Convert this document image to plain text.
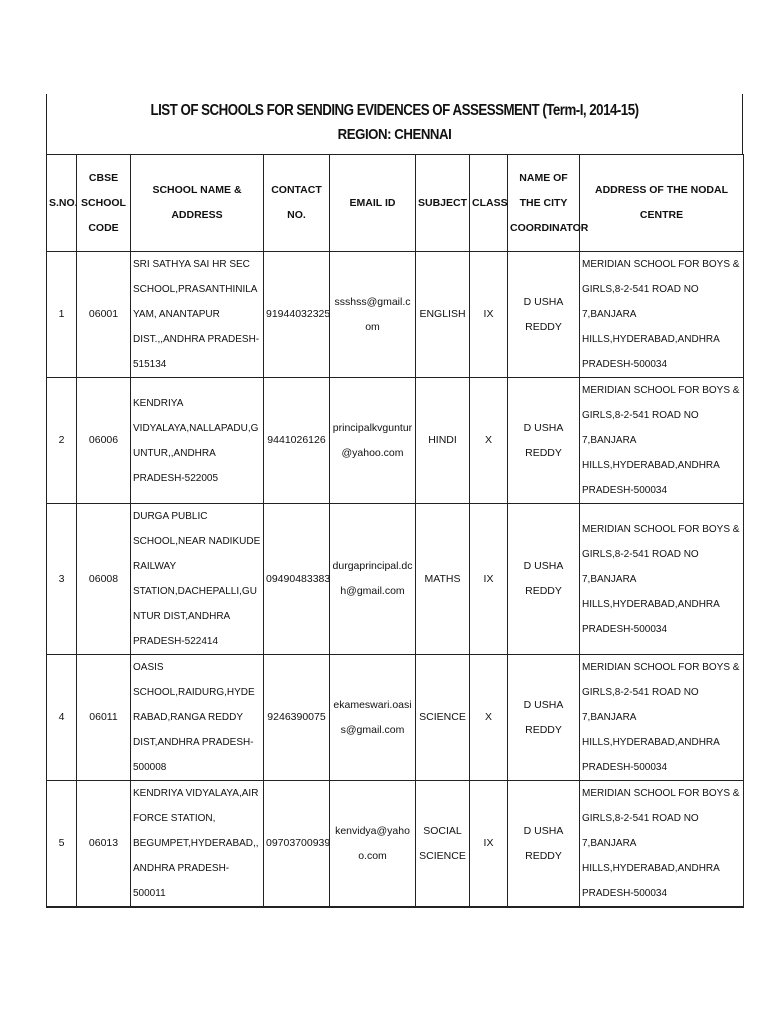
LIST OF SCHOOLS FOR SENDING EVIDENCES OF ASSESSMENT (Term-I, 2014-15)
REGION: CHENNAI
S.NO.	CBSE SCHOOL CODE	SCHOOL NAME & ADDRESS	CONTACT NO.	EMAIL ID	SUBJECT	CLASS	NAME OF THE CITY COORDINATOR	ADDRESS OF THE NODAL CENTRE
1	06001	SRI SATHYA SAI HR SEC SCHOOL,PRASANTHINILAYAM, ANANTAPUR DIST.,,ANDHRA PRADESH-515134	91944032325	ssshss@gmail.com	ENGLISH	IX	D USHA REDDY	MERIDIAN SCHOOL FOR BOYS & GIRLS,8-2-541 ROAD NO 7,BANJARA HILLS,HYDERABAD,ANDHRA PRADESH-500034
2	06006	KENDRIYA VIDYALAYA,NALLAPADU,GUNTUR,,ANDHRA PRADESH-522005	9441026126	principalkvguntur@yahoo.com	HINDI	X	D USHA REDDY	MERIDIAN SCHOOL FOR BOYS & GIRLS,8-2-541 ROAD NO 7,BANJARA HILLS,HYDERABAD,ANDHRA PRADESH-500034
3	06008	DURGA PUBLIC SCHOOL,NEAR NADIKUDE RAILWAY STATION,DACHEPALLI,GUNTUR DIST,ANDHRA PRADESH-522414	09490483383	durgaprincipal.dch@gmail.com	MATHS	IX	D USHA REDDY	MERIDIAN SCHOOL FOR BOYS & GIRLS,8-2-541 ROAD NO 7,BANJARA HILLS,HYDERABAD,ANDHRA PRADESH-500034
4	06011	OASIS SCHOOL,RAIDURG,HYDERABAD,RANGA REDDY DIST,ANDHRA PRADESH-500008	9246390075	ekameswari.oasis@gmail.com	SCIENCE	X	D USHA REDDY	MERIDIAN SCHOOL FOR BOYS & GIRLS,8-2-541 ROAD NO 7,BANJARA HILLS,HYDERABAD,ANDHRA PRADESH-500034
5	06013	KENDRIYA VIDYALAYA,AIR FORCE STATION, BEGUMPET,HYDERABAD,,ANDHRA PRADESH-500011	09703700939	kenvidya@yahoo.com	SOCIAL SCIENCE	IX	D USHA REDDY	MERIDIAN SCHOOL FOR BOYS & GIRLS,8-2-541 ROAD NO 7,BANJARA HILLS,HYDERABAD,ANDHRA PRADESH-500034
